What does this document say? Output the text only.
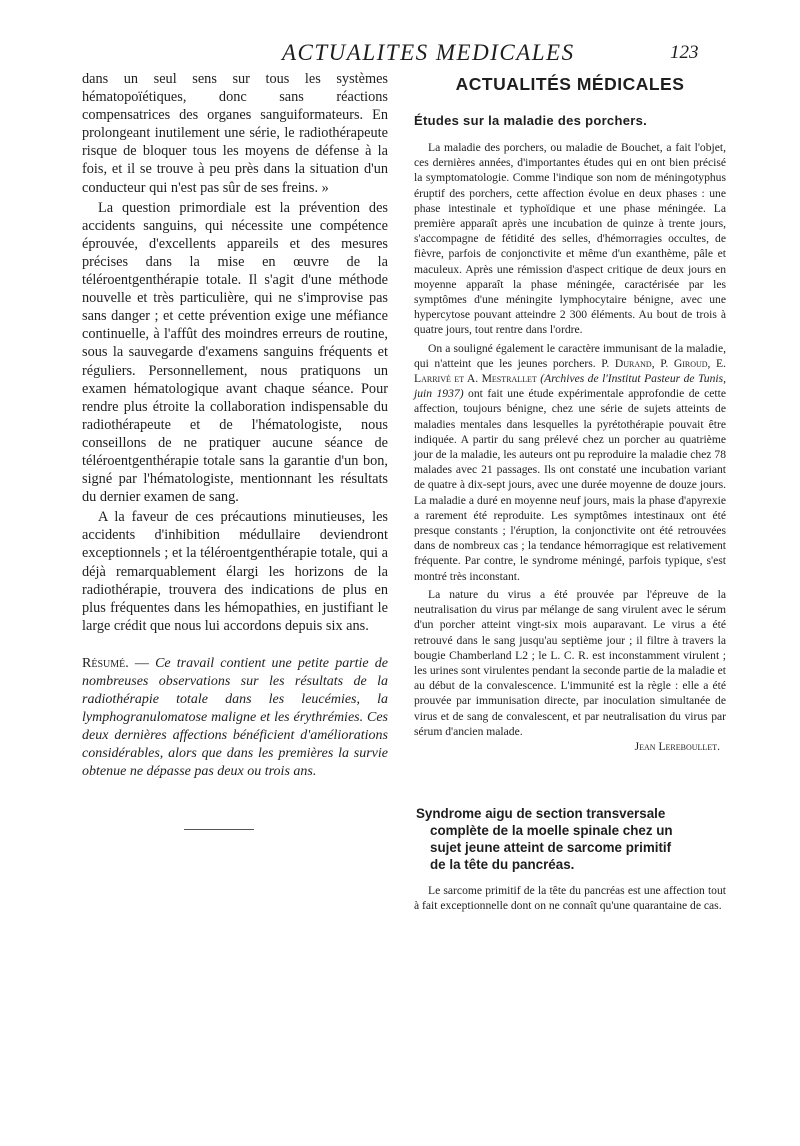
ACTUALITES MEDICALES	123

dans un seul sens sur tous les systèmes hématopoïétiques, donc sans réactions compensatrices des organes sanguiformateurs. En prolongeant inutilement une série, le radiothérapeute risque de bloquer tous les moyens de défense à la fois, et il se trouve à peu près dans la situation d'un conducteur qui n'est pas sûr de ses freins. »

La question primordiale est la prévention des accidents sanguins, qui nécessite une compétence éprouvée, d'excellents appareils et des mesures précises dans la mise en œuvre de la téléroentgenthérapie totale. Il s'agit d'une méthode nouvelle et très particulière, qui ne s'improvise pas sans danger ; et cette prévention exige une méfiance continuelle, à l'affût des moindres erreurs de routine, sous la sauvegarde d'examens sanguins fréquents et réguliers. Personnellement, nous pratiquons un examen hématologique avant chaque séance. Pour rendre plus étroite la collaboration indispensable du radiothérapeute et de l'hématologiste, nous conseillons de ne pratiquer aucune séance de téléroentgenthérapie totale sans la garantie d'un bon, signé par l'hématologiste, mentionnant les résultats du dernier examen de sang.

A la faveur de ces précautions minutieuses, les accidents d'inhibition médullaire deviendront exceptionnels ; et la téléroentgenthérapie totale, qui a déjà remarquablement élargi les horizons de la radiothérapie, trouvera des indications de plus en plus fréquentes dans les hémopathies, en justifiant le large crédit que nous lui accordons depuis six ans.

Résumé. — Ce travail contient une petite partie de nombreuses observations sur les résultats de la radiothérapie totale dans les leucémies, la lymphogranulomatose maligne et les érythrémies. Ces deux dernières affections bénéficient d'améliorations considérables, alors que dans les premières la survie obtenue ne dépasse pas deux ou trois ans.

ACTUALITÉS MÉDICALES
Études sur la maladie des porchers.

La maladie des porchers, ou maladie de Bouchet, a fait l'objet, ces dernières années, d'importantes études qui en ont bien précisé la symptomatologie. Comme l'indique son nom de méningotyphus éruptif des porchers, cette affection évolue en deux phases : une phase intestinale et typhoïdique et une phase méningée. La première apparaît après une incubation de quinze à trente jours, s'accompagne de fétidité des selles, d'hémorragies occultes, de fièvre, parfois de conjonctivite et même d'un exanthème, pâle et maculeux. Après une rémission d'aspect critique de deux jours en moyenne apparaît la phase méningée, caractérisée par les symptômes d'une méningite lymphocytaire bénigne, avec une hypercytose pouvant atteindre 2 300 éléments. Au bout de trois à quatre jours, tout rentre dans l'ordre.

On a souligné également le caractère immunisant de la maladie, qui n'atteint que les jeunes porchers. P. Durand, P. Giroud, E. Larrivé et A. Mestrallet (Archives de l'Institut Pasteur de Tunis, juin 1937) ont fait une étude expérimentale approfondie de cette affection, toujours bénigne, chez une série de sujets atteints de maladies mentales dans lesquelles la pyrétothérapie pouvait être indiquée. A partir du sang prélevé chez un porcher au quatrième jour de la maladie, les auteurs ont pu reproduire la maladie chez 78 malades avec 21 passages. Ils ont constaté une incubation variant de quatre à dix-sept jours, avec une durée moyenne de douze jours. La maladie a duré en moyenne neuf jours, mais la phase d'apyrexie a rarement été reproduite. Les symptômes intestinaux ont été presque constants ; l'éruption, la conjonctivite ont été retrouvées dans de nombreux cas ; la tendance hémorragique est relativement fréquente. Par contre, le syndrome méningé, parfois typique, s'est montré très inconstant.

La nature du virus a été prouvée par l'épreuve de la neutralisation du virus par mélange de sang virulent avec le sérum d'un porcher atteint vingt-six mois auparavant. Le virus a été retrouvé dans le sang jusqu'au septième jour ; il filtre à travers la bougie Chamberland L2 ; le L. C. R. est inconstamment virulent ; les urines sont virulentes pendant la seconde partie de la maladie et au début de la convalescence. L'immunité est la règle : elle a été prouvée par immunisation directe, par inoculation simultanée de virus et de sang de convalescent, et par neutralisation du virus par sérum d'ancien malade.

Jean Lereboullet.
Syndrome aigu de section transversale
complète de la moelle spinale chez un
sujet jeune atteint de sarcome primitif
de la tête du pancréas.

Le sarcome primitif de la tête du pancréas est une affection tout à fait exceptionnelle dont on ne connaît qu'une quarantaine de cas.
